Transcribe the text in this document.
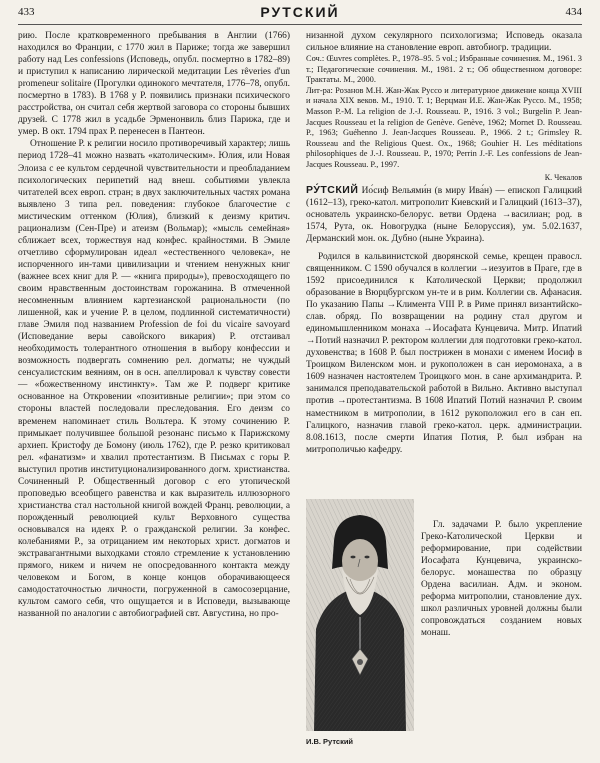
433	РУТСКИЙ	434

рию. После кратковременного пребывания в Англии (1766) находился во Франции, с 1770 жил в Париже; тогда же завершил работу над Les confessions (Исповедь, опубл. посмертно в 1782–89) и приступил к написанию лирической медитации Les rêveries d'un promeneur solitaire (Прогулки одинокого мечтателя, 1776–78, опубл. посмертно в 1783). В 1768 у Р. появились признаки психического расстройства, он считал себя жертвой заговора со стороны бывших друзей. С 1778 жил в усадьбе Эрменонвиль близ Парижа, где и умер. В окт. 1794 прах Р. перенесен в Пантеон.

Отношение Р. к религии носило противоречивый характер; лишь период 1728–41 можно назвать «католическим». Юлия, или Новая Элоиза с ее культом сердечной чувствительности и преобладанием психологических перипетий над внеш. событиями увлекла читателей всех европ. стран; в двух заключительных частях романа выявлено 3 типа рел. поведения: глубокое благочестие с мистическим оттенком (Юлия), близкий к деизму критич. рационализм (Сен-Пре) и атеизм (Вольмар); «мысль семейная» сближает всех, торжествуя над конфес. крайностями. В Эмиле отчетливо сформулирован идеал «естественного человека», не испорченного ин-тами цивилизации и чтением ненужных книг (важнее всех книг для Р. — «книга природы»), превосходящего по своим нравственным достоинствам горожанина. В отмеченной несомненным влиянием картезианской рациональности (по лишенной, как и учение Р. в целом, подлинной систематичности) главе Эмиля под названием Profession de foi du vicaire savoyard (Исповедание веры савойского викария) Р. отстаивал необходимость толерантного отношения в выбору конфессии и возможность подвергать сомнению рел. догматы; не чуждый сенсуалистским веяниям, он в осн. апеллировал к чувству совести — «божественному инстинкту». Там же Р. подверг критике основанное на Откровении «позитивные религии»; при этом со стороны властей последовали преследования. Его деизм со временем напоминает стиль Вольтера. К этому сочинению Р. примыкает получившее большой резонанс письмо к Парижскому архиеп. Кристофу де Бомону (июль 1762), где Р. резко критиковал рел. «фанатизм» и хвалил протестантизм. В Письмах с горы Р. выступил против институционализированного догм. христианства. Сочиненный Р. Общественный договор с его утопической проповедью всеобщего равенства и как выразитель иллюзорного христианства стал настольной книгой вождей Франц. революции, а порожденный революцией культ Верховного существа основывался на идеях Р. о гражданской религии. За конфес. колебаниями Р., за отрицанием им некоторых христ. догматов и экстравагантными выходками стояло стремление к установлению прямого, никем и ничем не опосредованного контакта между человеком и Богом, в конце концов оборачивающееся самодостаточностью личности, погруженной в самосозерцание, культом самого себя, что ощущается и в Исповеди, вызывающе названной по аналогии с автобиографией свт. Августина, но про-

низанной духом секулярного психологизма; Исповедь оказала сильное влияние на становление европ. автобиогр. традиции.

Соч.: Œuvres complètes. P., 1978–95. 5 vol.; Избранные сочинения. М., 1961. 3 т.; Педагогические сочинения. М., 1981. 2 т.; Об общественном договоре: Трактаты. М., 2000.

Лит-ра: Розанов М.Н. Жан-Жак Руссо и литературное движение конца XVIII и начала XIX веков. М., 1910. Т. 1; Верцман И.Е. Жан-Жак Руссо. М., 1958; Masson P.-M. La religion de J.-J. Rousseau. P., 1916. 3 vol.; Burgelin P. Jean-Jacques Rousseau et la religion de Genève. Genève, 1962; Mornet D. Rousseau. P., 1963; Guéhenno J. Jean-Jacques Rousseau. P., 1966. 2 t.; Grimsley R. Rousseau and the Religious Quest. Ox., 1968; Gouhier H. Les méditations philosophiques de J.-J. Rousseau. P., 1970; Perrin J.-F. Les confessions de Jean-Jacques Rousseau. P., 1997.

К. Чекалов

РУ́ТСКИЙ Ио́сиф Вельями́н (в миру Ива́н) — епископ Галицкий (1612–13), греко-катол. митрополит Киевский и Галицкий (1613–37), основатель украинско-белорус. ветви Ордена →василиан; род. в 1574, Рута, ок. Новогрудка (ныне Белоруссия), ум. 5.02.1637, Дерманский мон. ок. Дубно (ныне Украина).

Родился в кальвинистской дворянской семье, крещен правосл. священником. С 1590 обучался в коллегии →иезуитов в Праге, где в 1592 присоединился к Католической Церкви; продолжил образование в Вюрцбургском ун-те и в рим. Коллегии св. Афанасия. По указанию Папы →Климента VIII Р. в Риме принял византийско-слав. обряд. По возвращении на родину стал другом и единомышленником монаха →Иосафата Кунцевича. Митр. Ипатий →Потий назначил Р. ректором коллегии для подготовки греко-катол. духовенства; в 1608 Р. был пострижен в монахи с именем Иосиф в Троицком Виленском мон. и рукоположен в сан иеромонаха, а в 1609 назначен настоятелем Троицкого мон. в сане архимандрита. Р. занимался преподавательской работой в Вильно. Активно выступал против →протестантизма. В 1608 Ипатий Потий назначил Р. своим наместником в митрополии, в 1612 рукоположил его в сан еп. Галицкого, назначив главой греко-катол. церк. администрации. 8.08.1613, после смерти Ипатия Потия, Р. был избран на митрополичью кафедру.

И.В. Рутский

Гл. задачами Р. было укрепление Греко-Католической Церкви и реформирование, при содействии Иосафата Кунцевича, украинско-белорус. монашества по образцу Ордена василиан. Адм. и эконом. реформа митрополии, становление дух. школ различных уровней должны были сопровождаться созданием новых монаш.
